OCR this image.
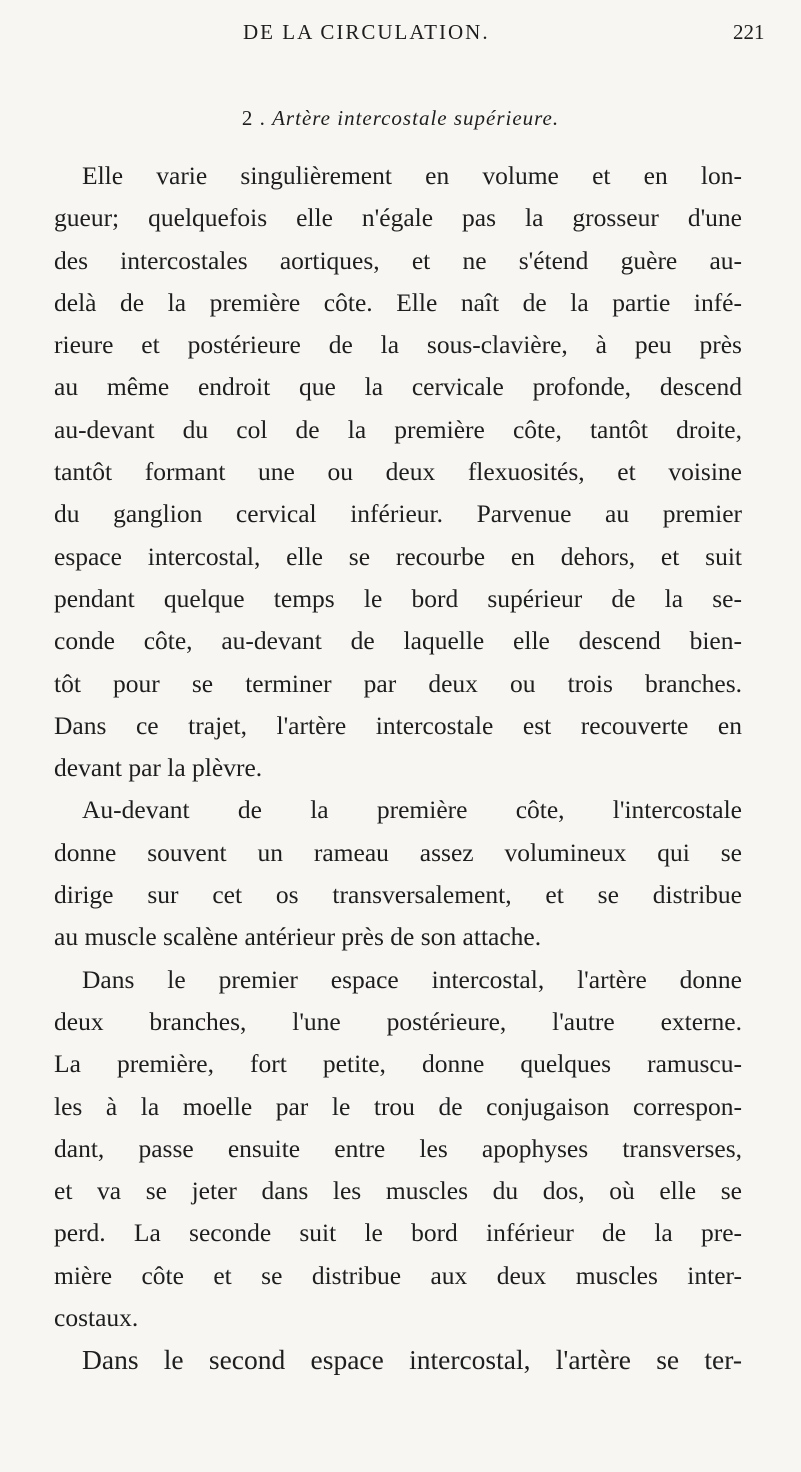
DE LA CIRCULATION.	221
2 . Artère intercostale supérieure.
Elle varie singulièrement en volume et en lon-
gueur; quelquefois elle n'égale pas la grosseur d'une
des intercostales aortiques, et ne s'étend guère au-
delà de la première côte. Elle naît de la partie infé-
rieure et postérieure de la sous-clavière, à peu près
au même endroit que la cervicale profonde, descend
au-devant du col de la première côte, tantôt droite,
tantôt formant une ou deux flexuosités, et voisine
du ganglion cervical inférieur. Parvenue au premier
espace intercostal, elle se recourbe en dehors, et suit
pendant quelque temps le bord supérieur de la se-
conde côte, au-devant de laquelle elle descend bien-
tôt pour se terminer par deux ou trois branches.
Dans ce trajet, l'artère intercostale est recouverte en
devant par la plèvre.
Au-devant de la première côte, l'intercostale
donne souvent un rameau assez volumineux qui se
dirige sur cet os transversalement, et se distribue
au muscle scalène antérieur près de son attache.
Dans le premier espace intercostal, l'artère donne
deux branches, l'une postérieure, l'autre externe.
La première, fort petite, donne quelques ramuscu-
les à la moelle par le trou de conjugaison correspon-
dant, passe ensuite entre les apophyses transverses,
et va se jeter dans les muscles du dos, où elle se
perd. La seconde suit le bord inférieur de la pre-
mière côte et se distribue aux deux muscles inter-
costaux.
Dans le second espace intercostal, l'artère se ter-
